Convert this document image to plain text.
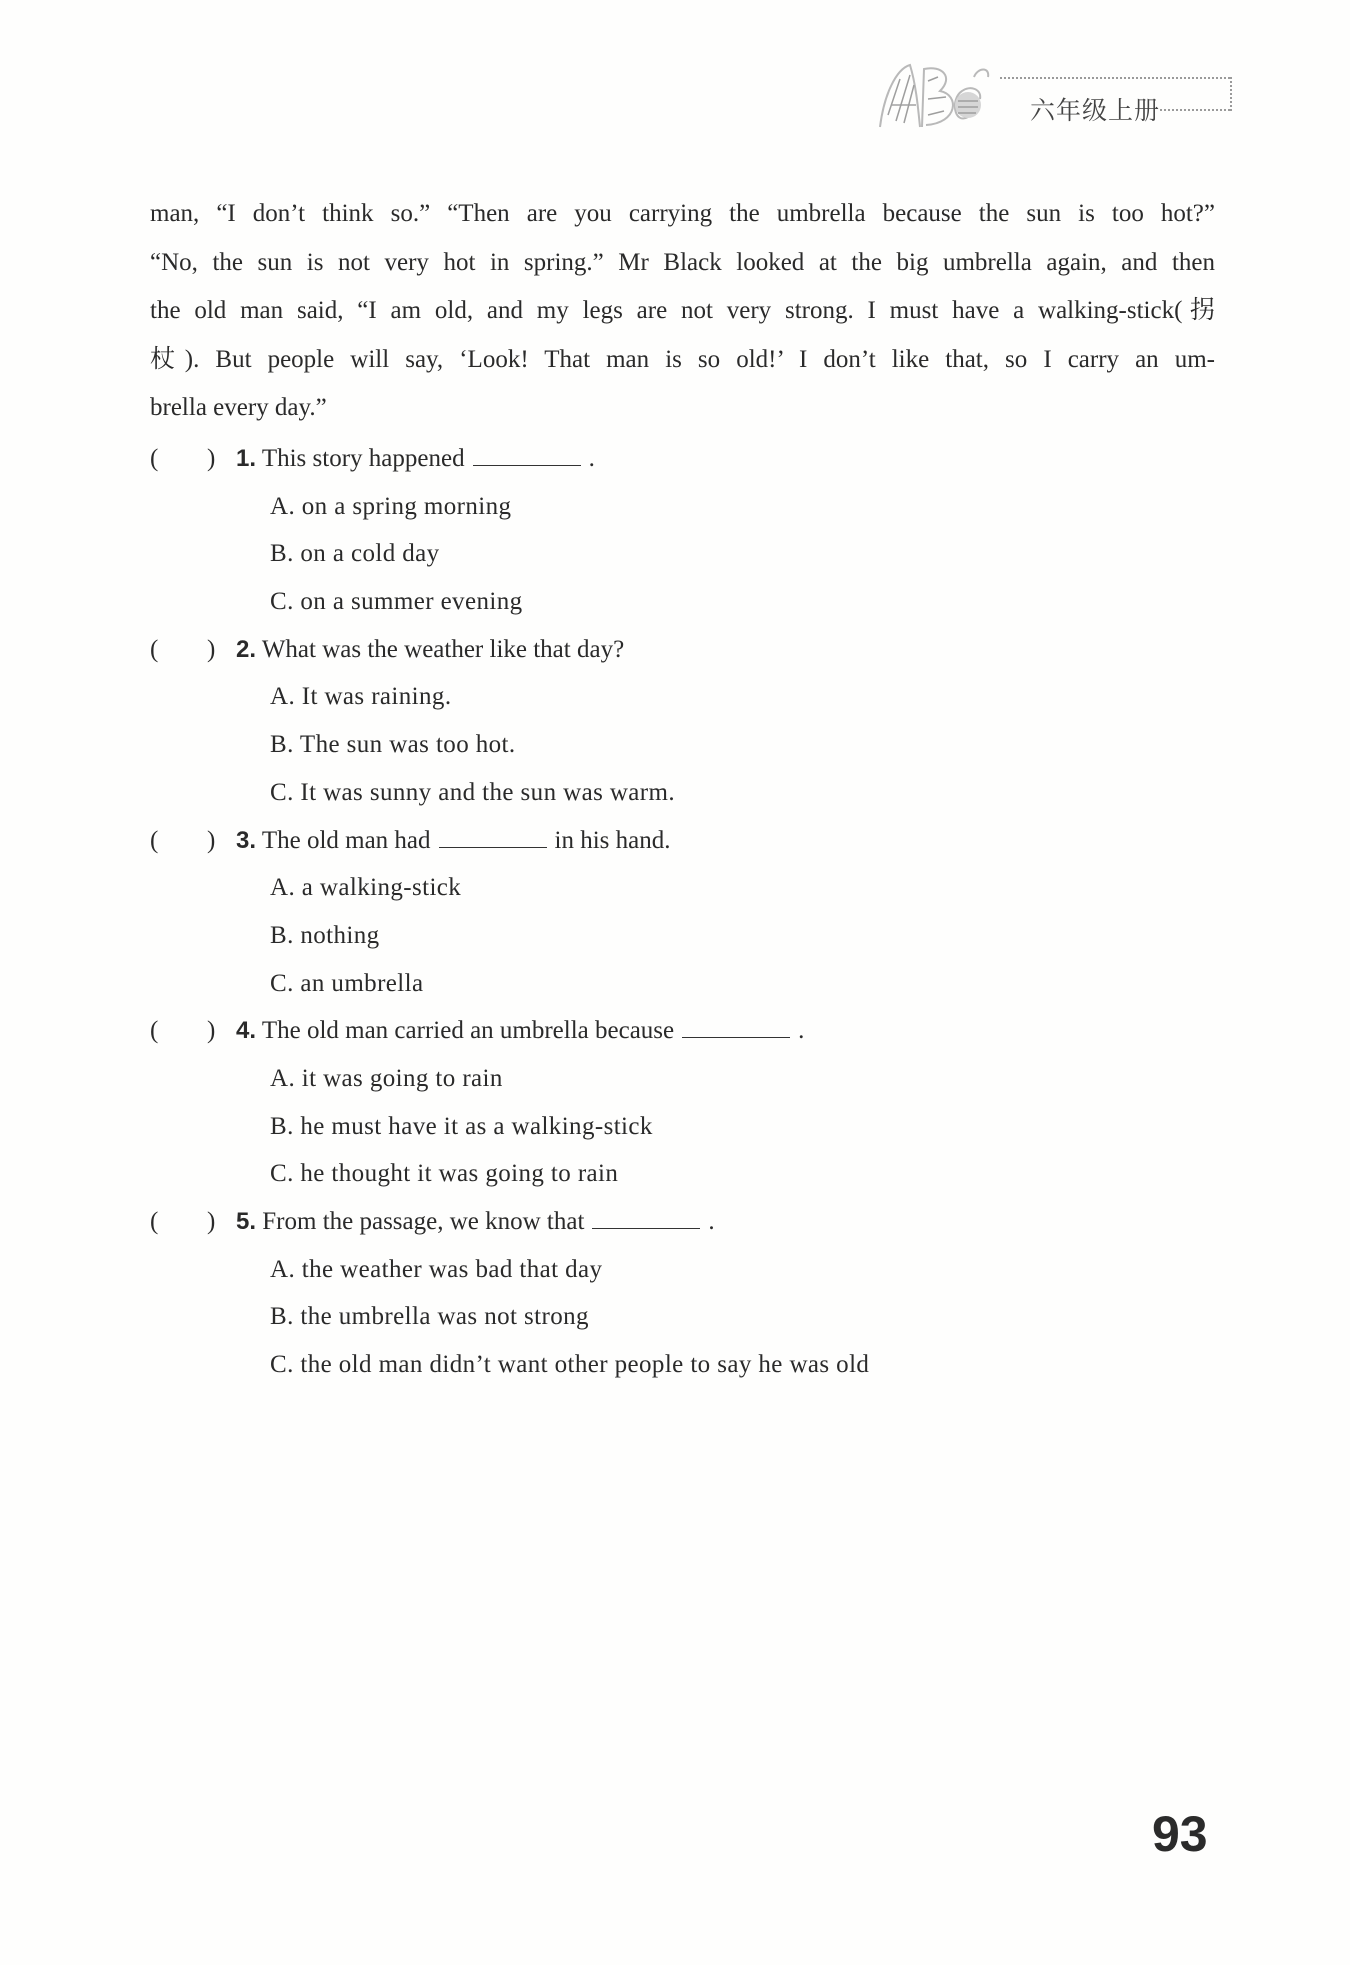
六年级上册
man, “I don’t think so.” “Then are you carrying the umbrella because the sun is too hot?”
“No, the sun is not very hot in spring.” Mr Black looked at the big umbrella again, and then
the old man said, “I am old, and my legs are not very strong. I must have a walking-stick(拐
杖). But people will say, ‘Look! That man is so old!’ I don’t like that, so I carry an um-
brella every day.”
( ) 1. This story happened	.
A. on a spring morning
B. on a cold day
C. on a summer evening
( ) 2. What was the weather like that day?
A. It was raining.
B. The sun was too hot.
C. It was sunny and the sun was warm.
( ) 3. The old man had	in his hand.
A. a walking-stick
B. nothing
C. an umbrella
( ) 4. The old man carried an umbrella because	.
A. it was going to rain
B. he must have it as a walking-stick
C. he thought it was going to rain
( ) 5. From the passage, we know that	.
A. the weather was bad that day
B. the umbrella was not strong
C. the old man didn’t want other people to say he was old
93
